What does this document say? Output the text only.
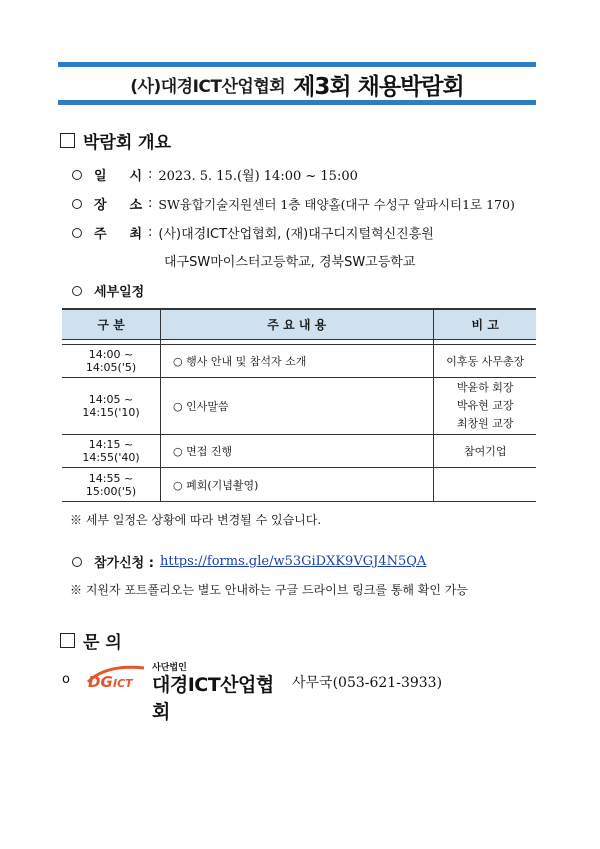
(사)대경ICT산업협회 제3회 채용박람회
박람회 개요
일 시 : 2023. 5. 15.(월) 14:00 ~ 15:00
장 소 : SW융합기술지원센터 1층 태양홀(대구 수성구 알파시티1로 170)
주 최 : (사)대경ICT산업협회, (재)대구디지털혁신진흥원
대구SW마이스터고등학교, 경북SW고등학교
세부일정
구 분	주 요 내 용	비 고

14:00 ~ 14:05('5)	○ 행사 안내 및 참석자 소개	이후동 사무총장
14:05 ~ 14:15('10)	○ 인사말씀	박윤하 회장
박유현 교장
최창원 교장

14:15 ~ 14:55('40)	○ 면접 진행	참여기업
14:55 ~ 15:00('5)	○ 폐회(기념촬영)	
※ 세부 일정은 상황에 따라 변경될 수 있습니다.
참가신청 : https://forms.gle/w53GiDXK9VGJ4N5QA
※ 지원자 포트폴리오는 별도 안내하는 구글 드라이브 링크를 통해 확인 가능
문 의
o DG ICT
사단법인
대경ICT산업협회
사무국(053-621-3933)
